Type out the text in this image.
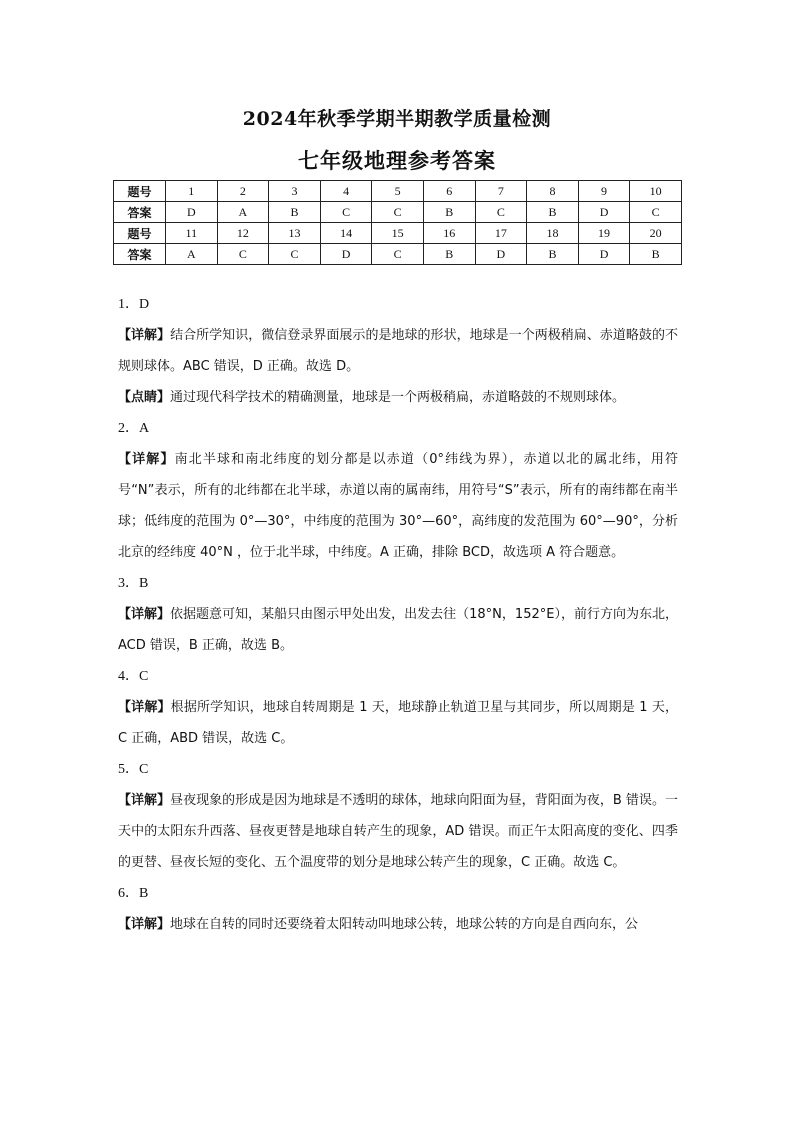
2024年秋季学期半期教学质量检测
七年级地理参考答案
题号	1	2	3	4	5	6	7	8	9	10
答案	D	A	B	C	C	B	C	B	D	C
题号	11	12	13	14	15	16	17	18	19	20
答案	A	C	C	D	C	B	D	B	D	B

1．D

【详解】结合所学知识，微信登录界面展示的是地球的形状，地球是一个两极稍扁、赤道略鼓的不规则球体。ABC 错误，D 正确。故选 D。

【点睛】通过现代科学技术的精确测量，地球是一个两极稍扁，赤道略鼓的不规则球体。

2．A

【详解】南北半球和南北纬度的划分都是以赤道（0°纬线为界），赤道以北的属北纬，用符号“N”表示，所有的北纬都在北半球，赤道以南的属南纬，用符号“S”表示，所有的南纬都在南半球；低纬度的范围为 0°—30°，中纬度的范围为 30°—60°，高纬度的发范围为 60°—90°，分析北京的经纬度 40°N ，位于北半球，中纬度。A 正确，排除 BCD，故选项 A 符合题意。

3．B

【详解】依据题意可知，某船只由图示甲处出发，出发去往（18°N，152°E），前行方向为东北，ACD 错误，B 正确，故选 B。

4．C

【详解】根据所学知识，地球自转周期是 1 天，地球静止轨道卫星与其同步，所以周期是 1 天，C 正确，ABD 错误，故选 C。

5．C

【详解】昼夜现象的形成是因为地球是不透明的球体，地球向阳面为昼，背阳面为夜，B 错误。一天中的太阳东升西落、昼夜更替是地球自转产生的现象，AD 错误。而正午太阳高度的变化、四季的更替、昼夜长短的变化、五个温度带的划分是地球公转产生的现象，C 正确。故选 C。

6．B

【详解】地球在自转的同时还要绕着太阳转动叫地球公转，地球公转的方向是自西向东，公
